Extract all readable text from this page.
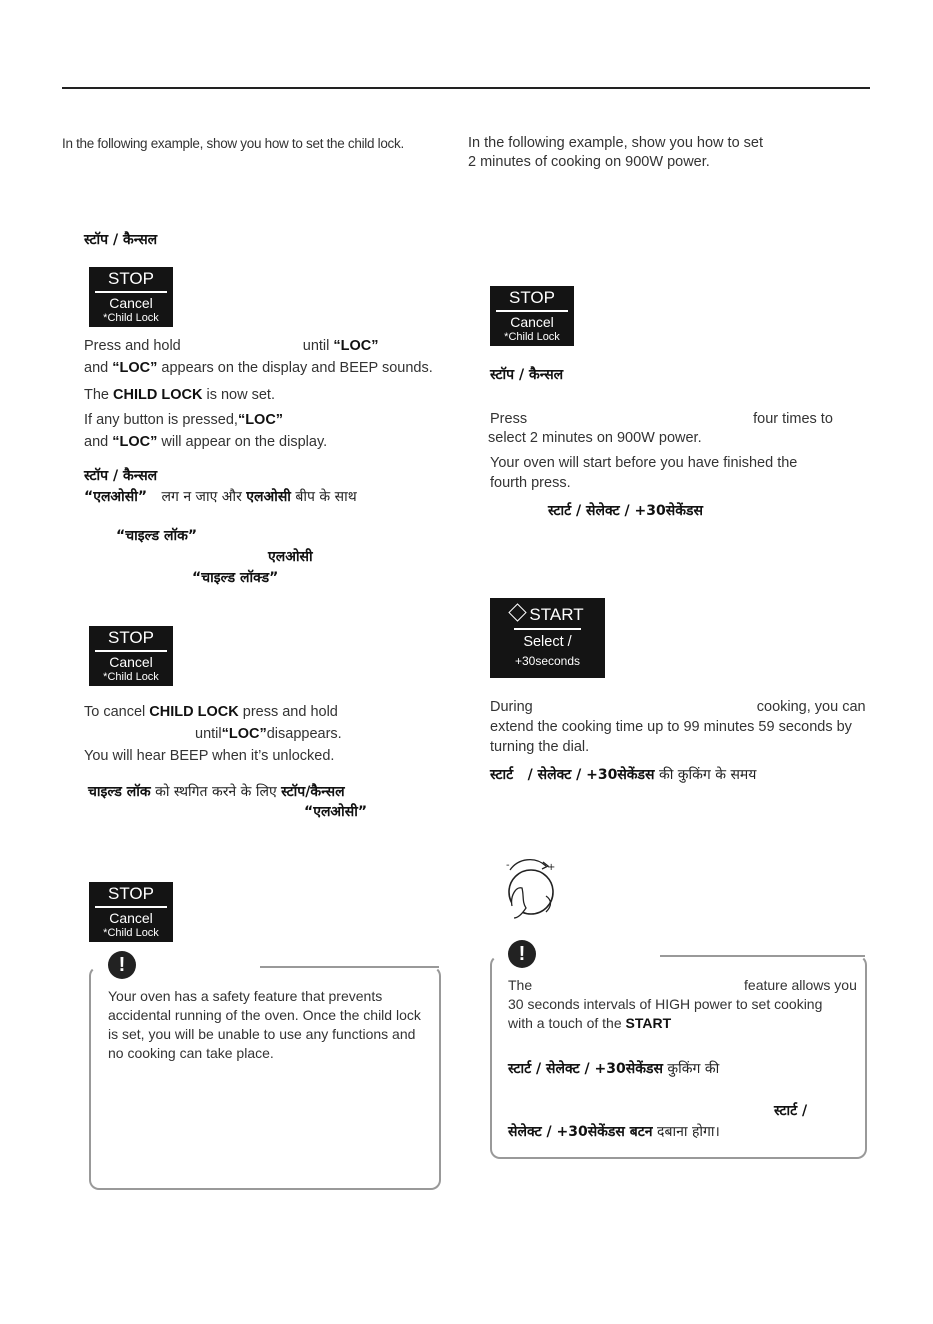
In the following example, show you how to set the child lock.
स्टॉप / कैन्सल
STOP
Cancel
*Child Lock
Press and hold	until “LOC”
and “LOC” appears on the display and BEEP sounds.
The CHILD LOCK is now set.
If any button is pressed,“LOC”
and “LOC” will appear on the display.
स्टॉप / कैन्सल
“एलओसी” लग न जाए और एलओसी बीप के साथ
“चाइल्ड लॉक”
एलओसी
“चाइल्ड लॉक्ड”
STOP
Cancel
*Child Lock
To cancel CHILD LOCK press and hold
until“LOC”disappears.
You will hear BEEP when it’s unlocked.
चाइल्ड लॉक को स्थगित करने के लिए स्टॉप/कैन्सल
“एलओसी”
STOP
Cancel
*Child Lock
!
Your oven has a safety feature that prevents
accidental running of the oven. Once the child lock
is set, you will be unable to use any functions and
no cooking can take place.
In the following example, show you how to set
2 minutes of cooking on 900W power.
STOP
Cancel
*Child Lock
स्टॉप / कैन्सल
Press	four times to
select 2 minutes on 900W power.
Your oven will start before you have finished the
fourth press.
स्टार्ट / सेलेक्ट / +30सेकेंडस
START
Select /
+30seconds
During	cooking, you can
extend the cooking time up to 99 minutes 59 seconds by
turning the dial.
स्टार्ट / सेलेक्ट / +30सेकेंडस की कुकिंग के समय
-	+
!
The	feature allows you
30 seconds intervals of HIGH power to set cooking
with a touch of the START
स्टार्ट / सेलेक्ट / +30सेकेंडस कुकिंग की
स्टार्ट /
सेलेक्ट / +30सेकेंडस बटन दबाना होगा।
